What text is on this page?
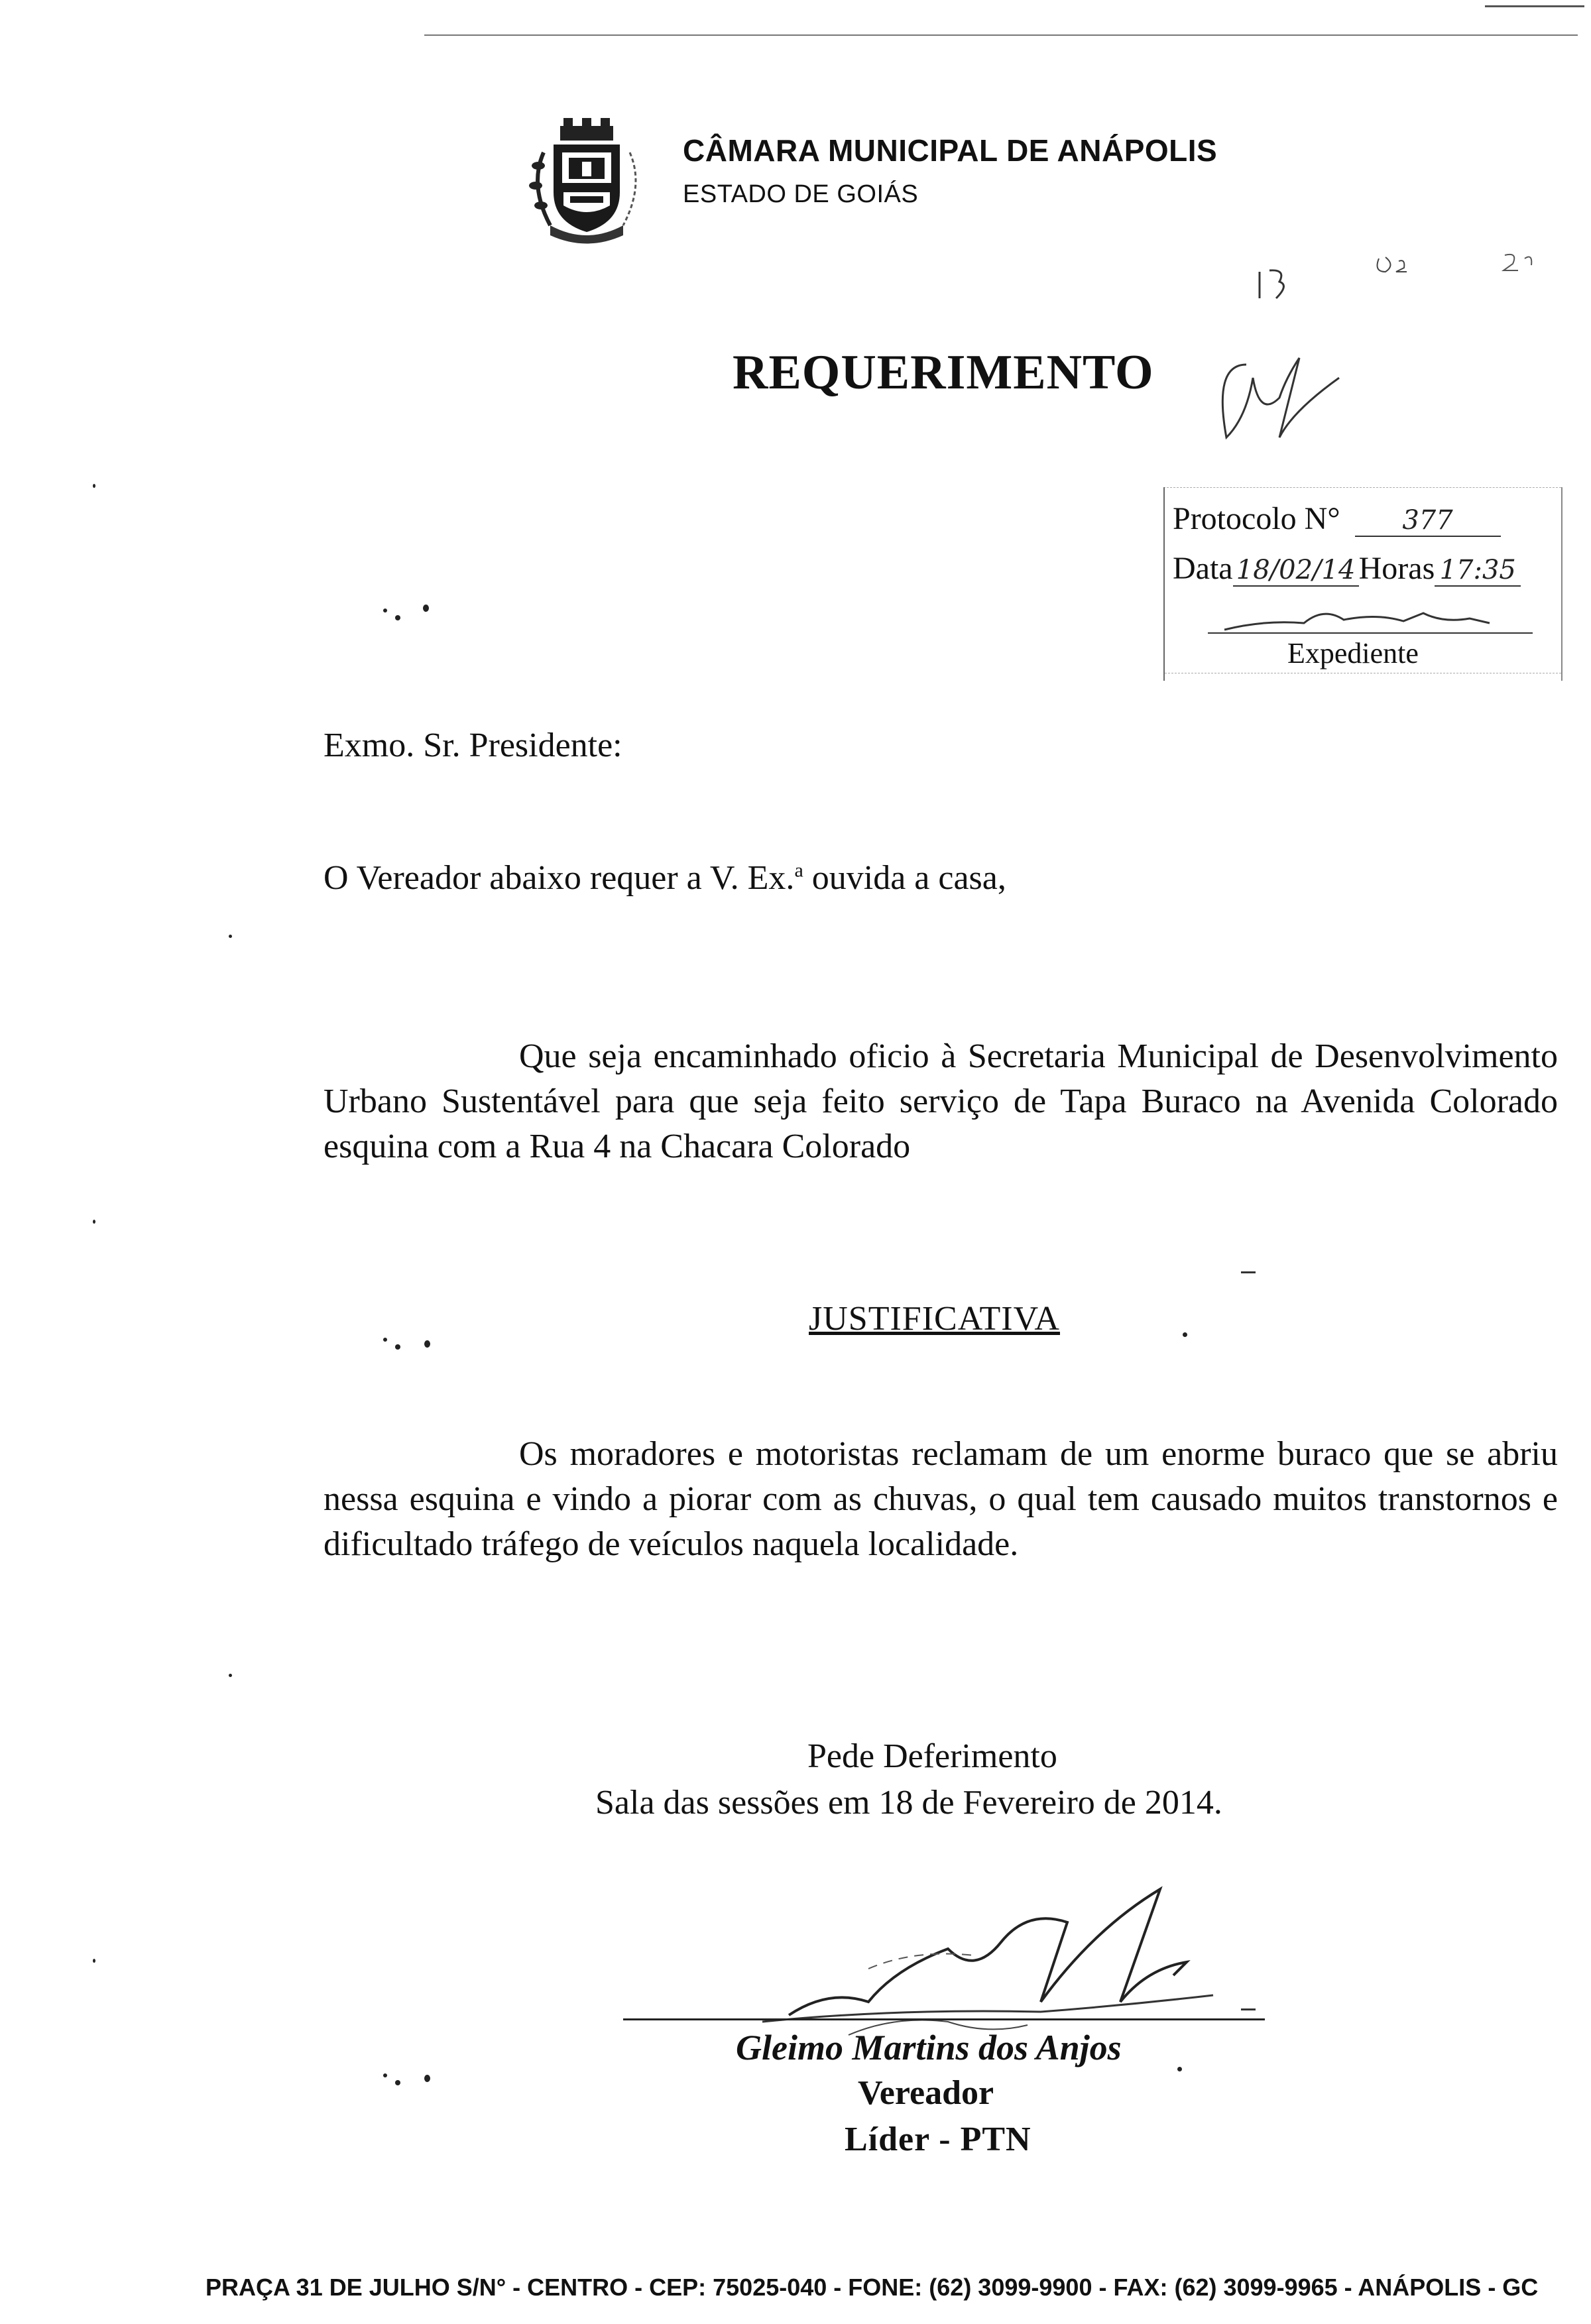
CÂMARA MUNICIPAL DE ANÁPOLIS
ESTADO DE GOIÁS
REQUERIMENTO
Protocolo N° 377
Data 18/02/14 Horas 17:35
Expediente
Exmo. Sr. Presidente:
O Vereador abaixo requer a V. Ex.$^a$ ouvida a casa,
Que seja encaminhado oficio à Secretaria Municipal de Desenvolvimento Urbano Sustentável para que seja feito serviço de Tapa Buraco na Avenida Colorado esquina com a Rua 4 na Chacara Colorado
JUSTIFICATIVA
Os moradores e motoristas reclamam de um enorme buraco que se abriu nessa esquina e vindo a piorar com as chuvas, o qual tem causado muitos transtornos e dificultado tráfego de veículos naquela localidade.
Pede Deferimento
Sala das sessões em 18 de Fevereiro de 2014.
Gleimo Martins dos Anjos
Vereador
Líder - PTN
PRAÇA 31 DE JULHO S/N° - CENTRO - CEP: 75025-040 - FONE: (62) 3099-9900 - FAX: (62) 3099-9965 - ANÁPOLIS - GC
